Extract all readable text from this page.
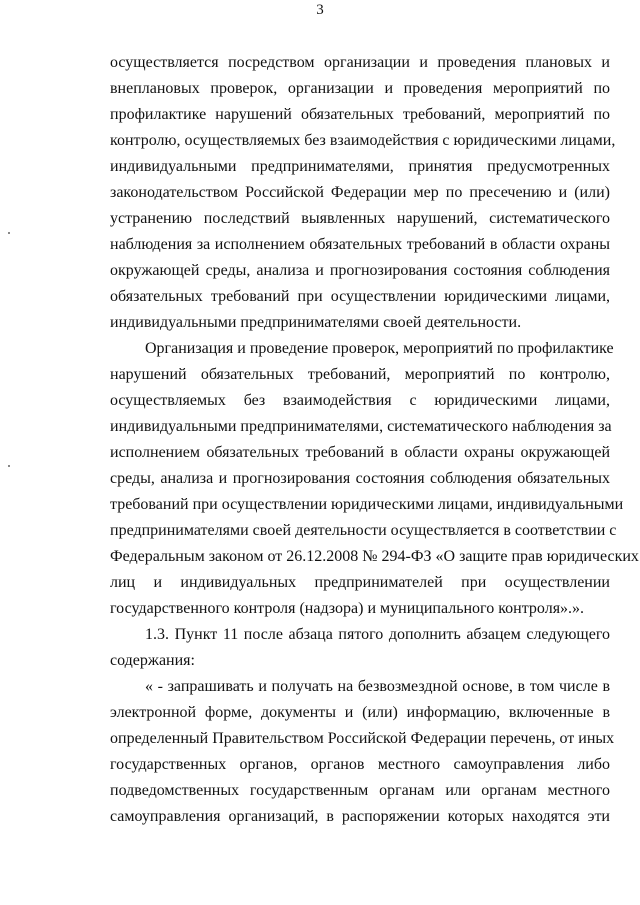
3
осуществляется посредством организации и проведения плановых и
внеплановых проверок, организации и проведения мероприятий по
профилактике нарушений обязательных требований, мероприятий по
контролю, осуществляемых без взаимодействия с юридическими лицами,
индивидуальными предпринимателями, принятия предусмотренных
законодательством Российской Федерации мер по пресечению и (или)
устранению последствий выявленных нарушений, систематического
наблюдения за исполнением обязательных требований в области охраны
окружающей среды, анализа и прогнозирования состояния соблюдения
обязательных требований при осуществлении юридическими лицами,
индивидуальными предпринимателями своей деятельности.
Организация и проведение проверок, мероприятий по профилактике
нарушений обязательных требований, мероприятий по контролю,
осуществляемых без взаимодействия с юридическими лицами,
индивидуальными предпринимателями, систематического наблюдения за
исполнением обязательных требований в области охраны окружающей
среды, анализа и прогнозирования состояния соблюдения обязательных
требований при осуществлении юридическими лицами, индивидуальными
предпринимателями своей деятельности осуществляется в соответствии с
Федеральным законом от 26.12.2008 № 294-ФЗ «О защите прав юридических
лиц и индивидуальных предпринимателей при осуществлении
государственного контроля (надзора) и муниципального контроля».».
1.3. Пункт 11 после абзаца пятого дополнить абзацем следующего
содержания:
« - запрашивать и получать на безвозмездной основе, в том числе в
электронной форме, документы и (или) информацию, включенные в
определенный Правительством Российской Федерации перечень, от иных
государственных органов, органов местного самоуправления либо
подведомственных государственным органам или органам местного
самоуправления организаций, в распоряжении которых находятся эти
